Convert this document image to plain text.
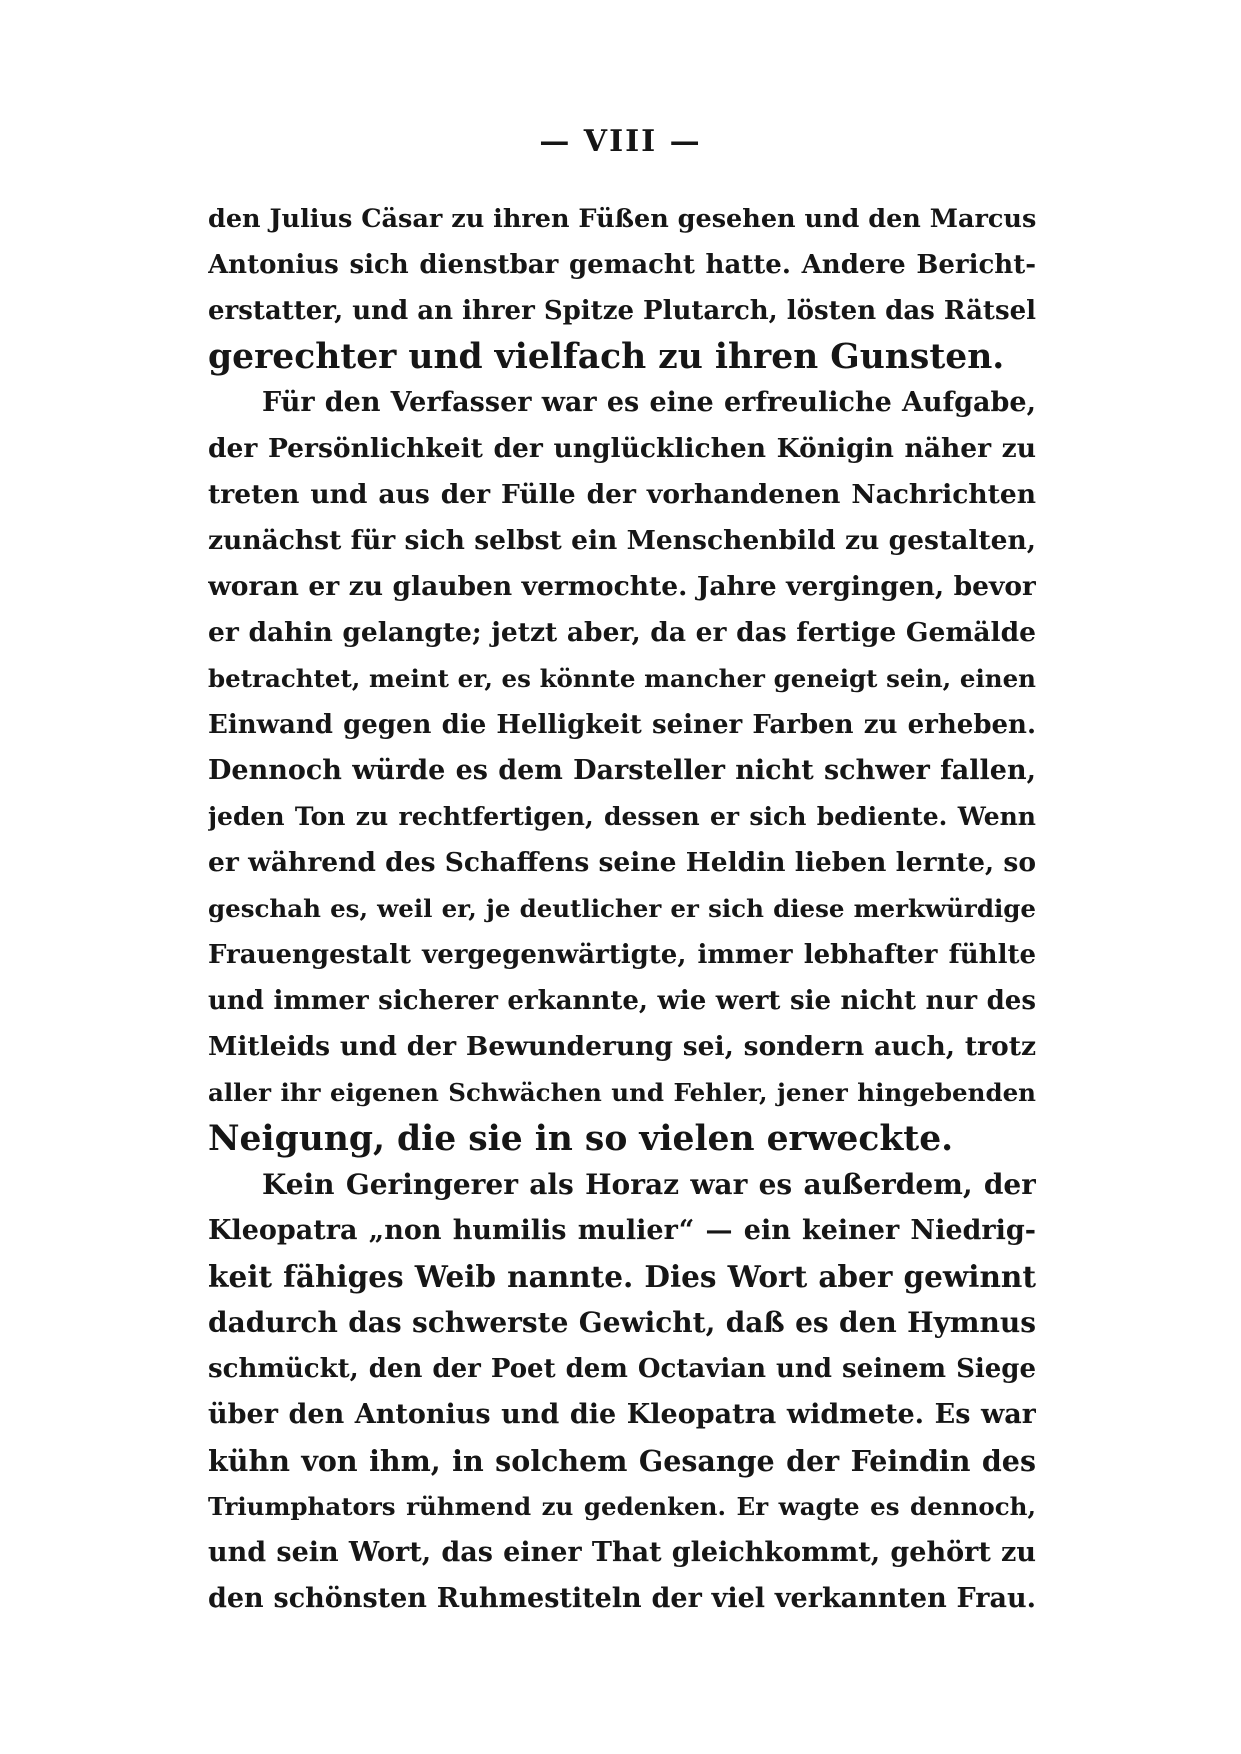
— VIII —
den Julius Cäsar zu ihren Füßen gesehen und den Marcus
Antonius sich dienstbar gemacht hatte. Andere Bericht-
erstatter, und an ihrer Spitze Plutarch, lösten das Rätsel
gerechter und vielfach zu ihren Gunsten.
Für den Verfasser war es eine erfreuliche Aufgabe,
der Persönlichkeit der unglücklichen Königin näher zu
treten und aus der Fülle der vorhandenen Nachrichten
zunächst für sich selbst ein Menschenbild zu gestalten,
woran er zu glauben vermochte. Jahre vergingen, bevor
er dahin gelangte; jetzt aber, da er das fertige Gemälde
betrachtet, meint er, es könnte mancher geneigt sein, einen
Einwand gegen die Helligkeit seiner Farben zu erheben.
Dennoch würde es dem Darsteller nicht schwer fallen,
jeden Ton zu rechtfertigen, dessen er sich bediente. Wenn
er während des Schaffens seine Heldin lieben lernte, so
geschah es, weil er, je deutlicher er sich diese merkwürdige
Frauengestalt vergegenwärtigte, immer lebhafter fühlte
und immer sicherer erkannte, wie wert sie nicht nur des
Mitleids und der Bewunderung sei, sondern auch, trotz
aller ihr eigenen Schwächen und Fehler, jener hingebenden
Neigung, die sie in so vielen erweckte.
Kein Geringerer als Horaz war es außerdem, der
Kleopatra „non humilis mulier“ — ein keiner Niedrig-
keit fähiges Weib nannte. Dies Wort aber gewinnt
dadurch das schwerste Gewicht, daß es den Hymnus
schmückt, den der Poet dem Octavian und seinem Siege
über den Antonius und die Kleopatra widmete. Es war
kühn von ihm, in solchem Gesange der Feindin des
Triumphators rühmend zu gedenken. Er wagte es dennoch,
und sein Wort, das einer That gleichkommt, gehört zu
den schönsten Ruhmestiteln der viel verkannten Frau.
